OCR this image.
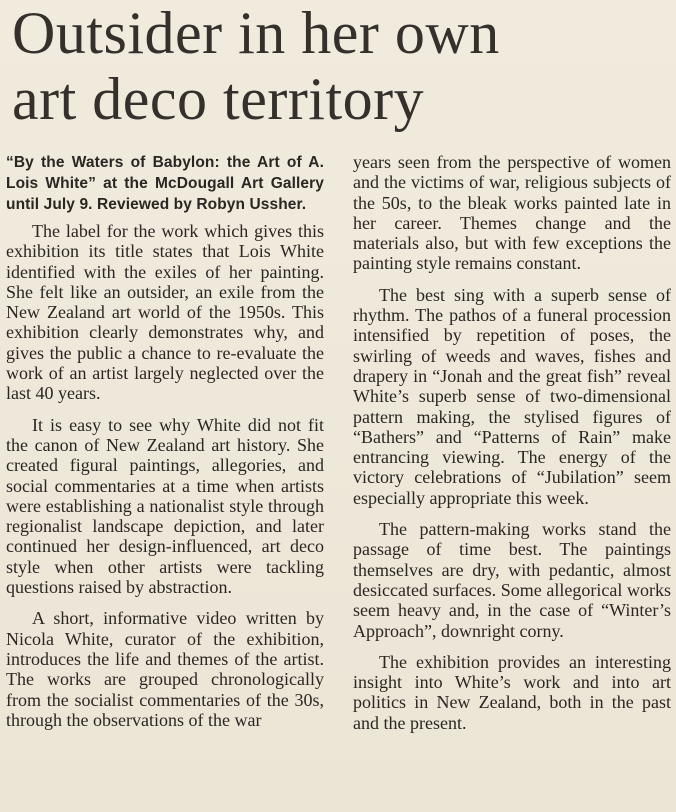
Outsider in her own
art deco territory

“By the Waters of Babylon: the Art of A. Lois White” at the McDougall Art Gallery until July 9. Reviewed by Robyn Ussher.

The label for the work which gives this exhibition its title states that Lois White identified with the exiles of her painting. She felt like an outsider, an exile from the New Zealand art world of the 1950s. This exhibition clearly demonstrates why, and gives the public a chance to re-evaluate the work of an artist largely neglected over the last 40 years.

It is easy to see why White did not fit the canon of New Zealand art history. She created figural paintings, allegories, and social commentaries at a time when artists were establishing a nationalist style through regionalist landscape depiction, and later continued her design-influenced, art deco style when other artists were tackling questions raised by abstraction.

A short, informative video written by Nicola White, curator of the exhibition, introduces the life and themes of the artist. The works are grouped chronologically from the socialist commentaries of the 30s, through the observations of the war

years seen from the perspective of women and the victims of war, religious subjects of the 50s, to the bleak works painted late in her career. Themes change and the materials also, but with few exceptions the painting style remains constant.

The best sing with a superb sense of rhythm. The pathos of a funeral procession intensified by repetition of poses, the swirling of weeds and waves, fishes and drapery in “Jonah and the great fish” reveal White’s superb sense of two-dimensional pattern making, the stylised figures of “Bathers” and “Patterns of Rain” make entrancing viewing. The energy of the victory celebrations of “Jubilation” seem especially appropriate this week.

The pattern-making works stand the passage of time best. The paintings themselves are dry, with pedantic, almost desiccated surfaces. Some allegorical works seem heavy and, in the case of “Winter’s Approach”, downright corny.

The exhibition provides an interesting insight into White’s work and into art politics in New Zealand, both in the past and the present.
